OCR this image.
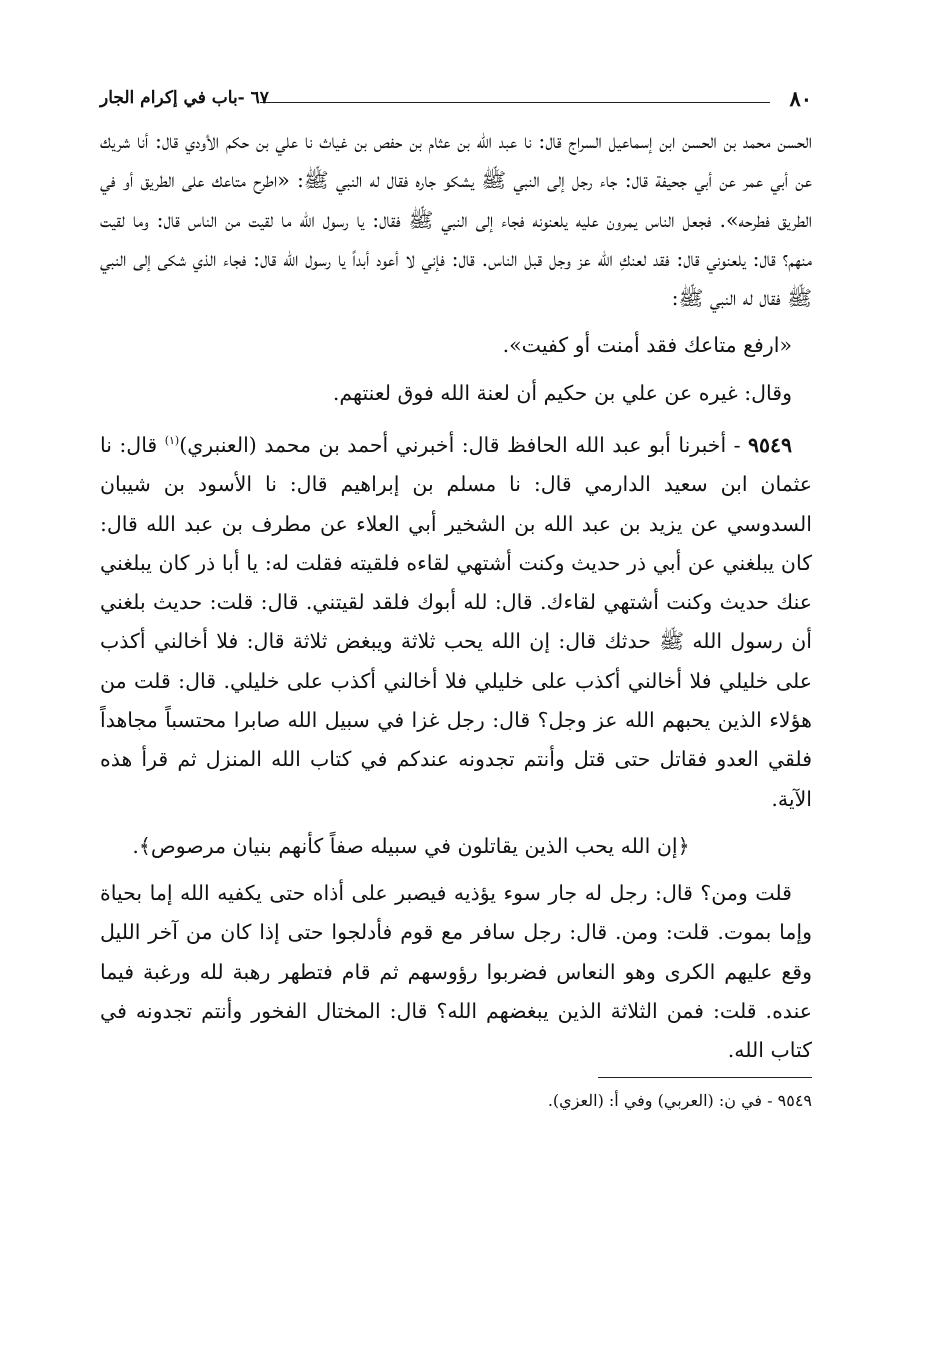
٨٠
٦٧ -باب في إكرام الجار

الحسن محمد بن الحسن ابن إسماعيل السراج قال: نا عبد الله بن عثام بن حفص بن غياث نا علي بن حكم الأودي قال: أنا شريك عن أبي عمر عن أبي جحيفة قال: جاء رجل إلى النبي ﷺ يشكو جاره فقال له النبي ﷺ: «اطرح متاعك على الطريق أو في الطريق فطرحه». فجعل الناس يمرون عليه يلعنونه فجاء إلى النبي ﷺ فقال: يا رسول الله ما لقيت من الناس قال: وما لقيت منهم؟ قال: يلعنوني قال: فقد لعنكِ الله عز وجل قبل الناس. قال: فإني لا أعود أبداً يا رسول الله قال: فجاء الذي شكى إلى النبي ﷺ فقال له النبي ﷺ:

«ارفع متاعك فقد أمنت أو كفيت».

وقال: غيره عن علي بن حكيم أن لعنة الله فوق لعنتهم.

٩٥٤٩ - أخبرنا أبو عبد الله الحافظ قال: أخبرني أحمد بن محمد (العنبري)$^{(١)}$ قال: نا عثمان ابن سعيد الدارمي قال: نا مسلم بن إبراهيم قال: نا الأسود بن شيبان السدوسي عن يزيد بن عبد الله بن الشخير أبي العلاء عن مطرف بن عبد الله قال: كان يبلغني عن أبي ذر حديث وكنت أشتهي لقاءه فلقيته فقلت له: يا أبا ذر كان يبلغني عنك حديث وكنت أشتهي لقاءك. قال: لله أبوك فلقد لقيتني. قال: قلت: حديث بلغني أن رسول الله ﷺ حدثك قال: إن الله يحب ثلاثة ويبغض ثلاثة قال: فلا أخالني أكذب على خليلي فلا أخالني أكذب على خليلي فلا أخالني أكذب على خليلي. قال: قلت من هؤلاء الذين يحبهم الله عز وجل؟ قال: رجل غزا في سبيل الله صابرا محتسباً مجاهداً فلقي العدو فقاتل حتى قتل وأنتم تجدونه عندكم في كتاب الله المنزل ثم قرأ هذه الآية.

﴿إن الله يحب الذين يقاتلون في سبيله صفاً كأنهم بنيان مرصوص﴾.

قلت ومن؟ قال: رجل له جار سوء يؤذيه فيصبر على أذاه حتى يكفيه الله إما بحياة وإما بموت. قلت: ومن. قال: رجل سافر مع قوم فأدلجوا حتى إذا كان من آخر الليل وقع عليهم الكرى وهو النعاس فضربوا رؤوسهم ثم قام فتطهر رهبة لله ورغبة فيما عنده. قلت: فمن الثلاثة الذين يبغضهم الله؟ قال: المختال الفخور وأنتم تجدونه في كتاب الله.

٩٥٤٩ - في ن: (العربي) وفي أ: (العزي).
